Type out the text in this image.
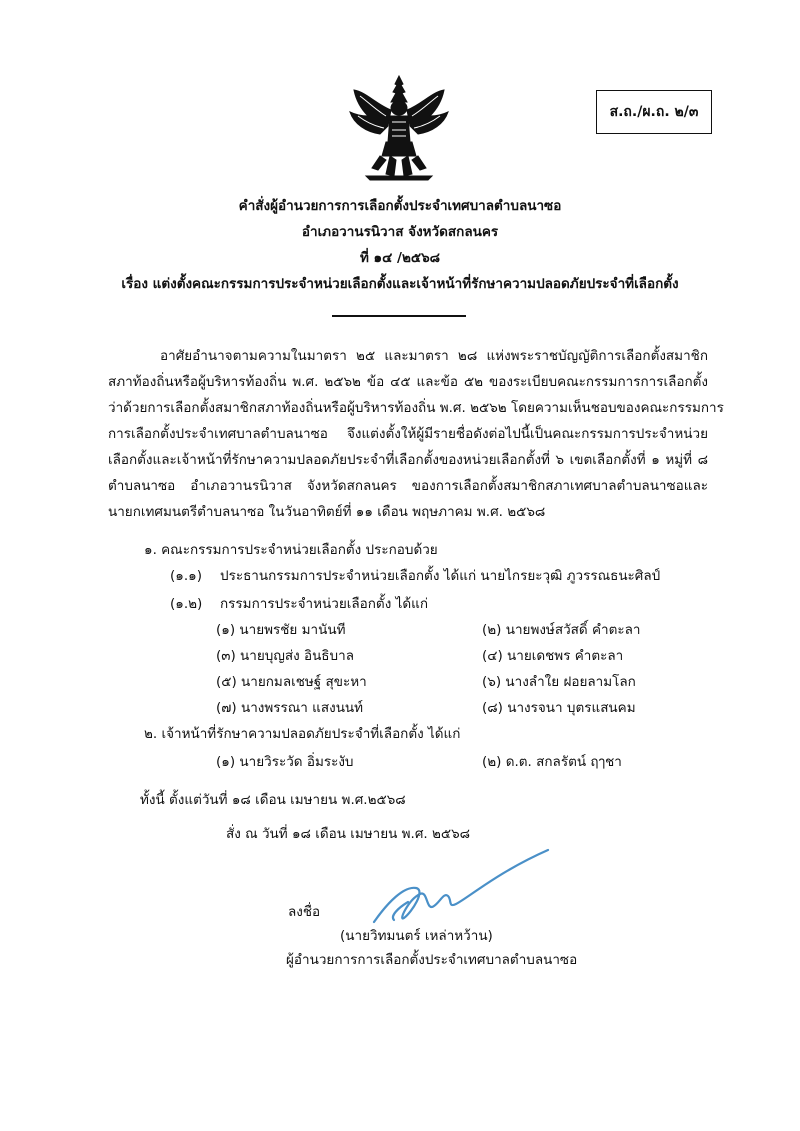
ส.ถ./ผ.ถ. ๒/๓
คำสั่งผู้อำนวยการการเลือกตั้งประจำเทศบาลตำบลนาซอ
อำเภอวานรนิวาส จังหวัดสกลนคร
ที่ ๑๔ /๒๕๖๘
เรื่อง แต่งตั้งคณะกรรมการประจำหน่วยเลือกตั้งและเจ้าหน้าที่รักษาความปลอดภัยประจำที่เลือกตั้ง
อาศัยอำนาจตามความในมาตรา ๒๕ และมาตรา ๒๘ แห่งพระราชบัญญัติการเลือกตั้งสมาชิก
สภาท้องถิ่นหรือผู้บริหารท้องถิ่น พ.ศ. ๒๕๖๒ ข้อ ๔๕ และข้อ ๕๒ ของระเบียบคณะกรรมการการเลือกตั้ง
ว่าด้วยการเลือกตั้งสมาชิกสภาท้องถิ่นหรือผู้บริหารท้องถิ่น พ.ศ. ๒๕๖๒ โดยความเห็นชอบของคณะกรรมการ
การเลือกตั้งประจำเทศบาลตำบลนาซอ จึงแต่งตั้งให้ผู้มีรายชื่อดังต่อไปนี้เป็นคณะกรรมการประจำหน่วย
เลือกตั้งและเจ้าหน้าที่รักษาความปลอดภัยประจำที่เลือกตั้งของหน่วยเลือกตั้งที่ ๖ เขตเลือกตั้งที่ ๑ หมู่ที่ ๘
ตำบลนาซอ อำเภอวานรนิวาส จังหวัดสกลนคร ของการเลือกตั้งสมาชิกสภาเทศบาลตำบลนาซอและ
นายกเทศมนตรีตำบลนาซอ ในวันอาทิตย์ที่ ๑๑ เดือน พฤษภาคม พ.ศ. ๒๕๖๘
๑. คณะกรรมการประจำหน่วยเลือกตั้ง ประกอบด้วย
(๑.๑) ประธานกรรมการประจำหน่วยเลือกตั้ง ได้แก่ นายไกรยะวุฒิ ภูวรรณธนะศิลป์
(๑.๒) กรรมการประจำหน่วยเลือกตั้ง ได้แก่
(๑) นายพรชัย มานันที	(๒) นายพงษ์สวัสดิ์ คำตะลา
(๓) นายบุญส่ง อินธิบาล	(๔) นายเดชพร คำตะลา
(๕) นายกมลเชษฐ์ สุขะหา	(๖) นางลำใย ฝอยลามโลก
(๗) นางพรรณา แสงนนท์	(๘) นางรจนา บุตรแสนคม
๒. เจ้าหน้าที่รักษาความปลอดภัยประจำที่เลือกตั้ง ได้แก่
(๑) นายวิระวัด อิ่มระงับ	(๒) ด.ต. สกลรัตน์ ฤๅชา
ทั้งนี้ ตั้งแต่วันที่ ๑๘ เดือน เมษายน พ.ศ.๒๕๖๘
สั่ง ณ วันที่ ๑๘ เดือน เมษายน พ.ศ. ๒๕๖๘
ลงชื่อ
(นายวิทมนตร์ เหล่าหว้าน)
ผู้อำนวยการการเลือกตั้งประจำเทศบาลตำบลนาซอ
